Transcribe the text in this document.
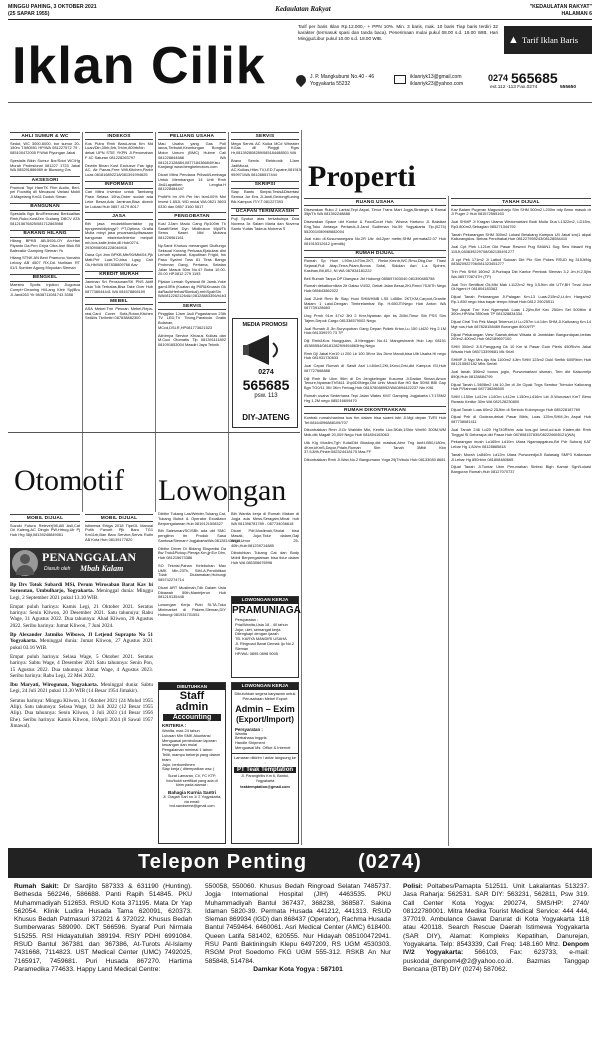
MINGGU PAHING, 3 OKTOBER 2021
(25 SAPAR 1955)
Kedaulatan Rakyat	"KEDAULATAN RAKYAT"
HALAMAN 6
Iklan Cilik
Tarif per baris Iklan Rp.12.000,- + PPN 10%. Min. 3 baris, mak. 10 baris Tiap baris terdiri 32 karakter (termasuk spasi dan tanda baca). Penerimaan mulai pukul 08.00 s.d. 19.00 WIB. Hari Minggu/Libur pukul 10.00 s.d. 18.00 WIB.	▲ Tarif Iklan Baris
J. P. Mangkubumi No.40 - 46
Yogyakarta 55232
iklanriyk13@gmail.com
iklanriyk23@yahoo.com
0274 565685
ext.112 -113 Fax.0274	555650
AHLI SUMUR & WC
Sedot, WC 3000-6000, bor sumur 20-150m T.580591 HP/WA 081227572 79 - 085100472005 P.Widi Piyungan Jakal
Spesialis Bikin Sumur Bor/Sdot WC/Hg Murah Profesional 081227 1723 Jakal WA 085291886989 dr Bluwong Grs
AKSESORI
Promosi Topi HamTK Film Audio, Beri-pel Foosttiq dll Mecasosi Variasi Mobil Jl.Magelang Km11 Duduk Siman
BANGUNAN
Spesialis Bgn Bru/Renovasi Berkualitas Rmh,Roko,KostZen Gudang DlllCV ATA 081215676825/081712863988
BARANG HILANG
Hilang BPKB AB-5926-OY An:Hari Riyanto Da:Prm Griya Citra Asri Blok B5 Balecatur Gamping Sleman Yk
Hilang STNK AN Beni Pramono,Yomaho Lelooy AB 4507 RX,DA Nurlisan RT 01/1 Sumber Agung Moyudan Sleman
BENGKEL
Maestro Spolis Injction Jlogosua Compt+Cleaning Hi/Lang Kleir Spj/Bru Jl.Jand263 Yk 5638711081743 3358
INDEKOS
Kos Putra Rmh BaruLama Km Md Luan/Din,35rb,5rb,7rb/m,800rb/bln dekat UPN STIE YKPN Jl.Perumahan F 4C Saturan 081228263797
Dewtin Binan Kost Exclusve Fas Igkp AC, Air Panas,Free Wifi,Kitchen,Parkir Luas 081816892218/081391994625
INFORMASI
Cari Mitra Investor untuk Tambang Pasir Selasa 10ha,Order sudah ada Leke Besar,Ada Jaminan,Bisa diceck ke Lokasi Hub 0857 4179 8017
JASA
Bth jasa endarkt/konrtaktor yg bpngreirsi/dipingyi? PT,Optima Grafia Mulia minyi jasa pncarsan&pilisasaan bangunan eksterior/interior melputi mh,kos,kalle,kntor,dll.Hub0274-2930908/081228046916
Dana Cpt Jmn BPKB,Mtr/90/Mbl/04,Pjk Mati,Pnf Luar,TO,bisa Lgsg Cair Ok,Hb/WA 087838809766 Aav
KREDIT MURAH
Jaminan Srt Pensiunan/SK PNS Aktif Usia Tdk Terbatas,Bisa Take Over Hub 087738044441 WA 081578808159
MEBEL
ASA Mebel:Trm Pesnan Mebel,Repa-rasi,Card Cover Sofa,Rotan,Kitchen Set&Ils Tkr/Imitri 087838882300
PELUANG USAHA
Mau Usaha yang Gas Poll lanus,Terbukti,Keuntungan Bongkol Motor Umum (BMC) Hubne Call 081228844688 WA 081212128884,087718436684/Kisu Kanjangi www.bengkelmotors.com
Dicari Mitra Pendana Pribadi/Lembaga Untuk Membangun 14 Unit Rmh Jln&Lapatiken Lengka.H 081228484447
Profit% Im 4% Per bln Ism100% Mnl Invest 1.65JL WD mulai WA 0821 3603 0330 dan 0857 3160 5617
PENGOBATAN
Kusl 2Jam Madu Cang Rp100rb Tk Sarafi/Setel Dyn Midibukon Mpil/Tk Semo Kaset Mbl Mutiara 081226961161
Ny.Santi Khusus menangani Diuflungo Seksual Kurang Perkasa,Ejakulasi dini Lemah syahwat, Kaputihan Frigid, Ins Pasu Syahni Tuss 81 Tiras Bango Prohman Gang, Pertama, Selatan Jalan Masuk 50m No.47 Buka 10.00-20.00 HP.0812 279 1193
Pijatan Lemah Syahwat Bt Jamb-Yoke gam10Rb (Kuatan dg P0R&Kroasin Gk daRacikHerbal/Skmkal),rmhSyahSin WA08122621264&I,08128883306/b1b3
SERVIS
Pinggilan 1Jam Jadi Pugastamon 23th TV LED,TV Tbung,Parabola Gratis Bulanan, MCcd,DSLR,HP081773621523
Akhirnya Service Khusus Kulkas dan M.Cuci Otomatis Tlp 081391111892 081091653004 Masdiri Jaya Teknik
SERVIS
Mega Servis AC Kulka MCd Wheater KGas dll Pinggil Rgrs Hr,081392808289/085184488501 WA
Bravo Servis Elektronik 1Jam JadiMcuci, AC,Kulkas,Hiter,TV,LED,Tupatre,081915 959971WA 081288517444
SKRIPSI
Siap Bantu Skripsi,Tesis&Disertasi Semua Jur Ens Jl.Janti,GedongKuning Blk Kampus IT/Y,T.081227393
UCAPAN TERIMAKASIH
Puji Syukur atas terkabulnya Doa Novena 3x Salam Maria dan Novena Santo Yudas Tadeus Mohena S
MEDIA PROMOSI
0274
565685
psw. 113
DIY-JATENG
Properti
RUANG USAHA
Disewakan Ruko 2 Lantai,Tepi Aspal, Timur Trans Mart Jogja,Strategis & Ramai 35jt/Th WA 081392248888
Disewakan Space ubt Kontor & FoodCourt Hub. Wisma Hartono Jl. Balaikar Eng,Toko Antasya Pertaruk,Jl.Jand Sudirman No.59 Yogyakarta Tlp.(0274) 552001/089969882004
Jual ruko dl.Kusumanegara No.2R Ukr 4x12per meter,SHM permata22.07 Hub 081915312612 (pendik)
RUMAH DIJUAL
Rumah Sp Huni L90m,Lb70m,2KT, Rmke,Kmrdr,WC,Rmu,Dbg,Dur Tirasi Sejanal,Full Atap,Terra,Pdam,Bonus Sofal, Sidolan Asri L.a Sjohen, Kasihan,Bti,8SJ, NI WA 087834181222
Beli Rumah Tanpa DP Diangsur Jkt Hubungi 085697403040 081390485758
Rumah dekatkornikan 2lt Gatau VII/32, Dekat Jalan Besar,2Kt,Rmrd 75Jt/Th Nego Hub:085643862022
Jual 2Unit Rmh Br Siap Huni SHM/HMB LS5 Ld58m 2KT,KM,Carport,Granite Malam 1 Lalui,Dengan Timbrelambar Bp. H.650JT/Nego Hub Anton WA 087739128683
Ling Prmh 91m 47x2 3Kt 2 Kmr,Nyaman dpn bs 2Mbl,Timur Stb PSS Slm Tajem,Depok Cargo 081338579002 Nego
Jual Rumah Jl Jln.Suryoputran Gang Depan Potlek Krton,Lu 150 Lt420 Hrg 2.1M Hub:081339970 73 7P
Dijl Rmh&Kos Nonggulan, Jl.Menggan No.41 Mangeshranb Hub Lap 08151 45389554/081812829/9494863Hrg Nego
Rmh Djl Jakal Km10 Lt 200 Lb 100 3Kmr 1ks 2kmr Mandi,bisa Ulb Usaha Hi nego Hub 081931730633
Jual Cepat Rumah di Sawit Asri Lt:84m2,2Kt,1Kmd,Grsi,dkt Kampus ISI,Hub 087727668888
Dijl Rmh Br Ukm 96m di Dn Jengkelingan Kusuma Ji.Dadan Siman,Amon Tenure,NyamanThS611 1hp0D0Nego,Dkt Univ Mradi Bar HD Bar 50H8 BBI Gap Bgn TG0/11 3Kt 3Km Ferbag,Hub 081578088952/WA0894422237 Ntn K96
Rumah usaha Sederhana Tepi Jalan Wates KM7 Gamping Jogjakarta LT:178M2 Hrg 1.2M nego 085216609470
RUMAH DIKONTRAKKAN
Kontrak rumah/nanima kos tim dalam bisa suami istri Jl.Mgl depan TVRI Hub Tel:08164096888109/707
Dikontrakkan Rmh Jl.Dr Wahidin Mkt, Kentin Lko:3Kdir,1Shkr Wm90 300M,WM Mdk,dkt Magalt 20,009 Nego Hub 081804163063
Utk Klg Muslim,Tgh Kota/Dkt Bioskop,dkt masisal,Almr Tng lant:LB50,l180m, 4Kmr,kKmS,Dapur,Pdaln,Rumah Slm Tanah 3Mbil Kbn 37.5Jt/th,Pinktr:082324418175 Mas FF
Dikontrakkan Rmh Jl.Wan,No.2 Bangumaon Yoga 29jTh/bulu Hub 08133083 8681
TANAH DIJUAL
Kav Batam Pugeran Maguwoharjo Slm SHM 500m2 L200m ndy Bmur masuk dr Jl Puger 2 Hub 081572565163
Jual SHMP Jl Kragan Utama Wedomartani Budi Mulia Dua L1322m2, LD15m, Rp3.800m2,Sebagian 085271344792
Tanah Pekarangan SHM 300m2 Lokasi Belakang Kampus UII Jakal km(1 akpal Kaliurangklos. Bebas Pendhakal,Hub 081227959243/08128084410
Jual Cpt Plek L121m Dkt Pasar Rewoni Pug SMAN1 Sug Sew Maazil Hrg 115Jt,083839229708/082135491277
Jl cpt Pek 171m2 Jl Latbol Sukoan Dkt Pkr Slm Pokes RSUD bg 315Jt/Ng 083820922706/081323451277
Tnh Pek SHM 160m2 Jl.Purbaya Dkt Kantor Pembak Sleman 3,2 Jm,H.2,5jlm Wa.0857708747H (TP)
Jual Tnh Sertifikat Ok,Mbl Mak L1122m2 Hrg 3,5Jt/m dkt UTY,BH Tmal Jntor Gt.Ngeni H 081804183363
Dijual Tanah Pekarangan Jl.Palagan Km.13 Luas:215m2,Lt.4m Harga/m2 Rp.1.850 nego bisa bayar tempo Minat Hub:0812 29025511
Tepi Aspal Tmr Kec Ngemplak Luas 1.2jl/m,Brt Kec 250/m Sel 500ft/m 8 300m,HP/Wa:7850mb TP 081328834334
Dijual Ctral Tnh Pek Masjd Tekenuri,Lt Lu:257m Ld:14m SHM,Jl.Kaliurang Km.14 Mgt nus,Hub 087828158489 Borongan 800Jt/TP
Dijual Pekarangan View Sawah,dekat Wisata di Jambidan Banguntapan,bebas 200m2-400m2,Hub 082189697100
SHM 300m2 Jl.S.Panggung Dk 10 Km st Pasar Gum Pleris 450Rb/m Jakal Wisata Hub 085713399681 Mk Srlzil
SHMP Jl Nyp Mrs Ajs Ma 1100m2 4Jlm SHM 123m2 Dukl Serlkk 600Rb/m Hub 081215592182 Mbk Serlzil
Jual tanah 356m2 bonus joglo, Purwomartani slsman, Tem dkt Kalsomrijo 890jt,Hub 08128884799
Dijual Tanah L.5608m2 Ltd.10,3m di Jln Cipak Tngs Sembur Trimulor Kaliurang Hub P.Rahmad 087738286500
SHM L150m Ld12m L14Om L412m L150m,L416m Lkt Jl.Wonosari Km7 Bimo Rwasto Kedtor 30m WA 082128230800
Dijual Tanah Luas 60m2 25Jt/m di Sentolo Kulonprogo Hub 085228187769
Dijual Pek di Godean,dekat Pasar Bibis, Luas 125m,SHM,Jln Aspal Hub 087738081411
Jual Tanah 246 Ld20 Hg740Rb/m ada kos-gol kecil,ud.sub Klaten,dkt Rmh Tinggal SI Deberapa dkt Pasar Hub 087808157830/082226655121(WA)
Pekarangan mush Lu165m Ld10m Utara Ngamapgaturu,Brt Pdr Sotoraj KAT Lebar Hg 1,8Jt/m 08128885818
Tanah Murah Ls840m Ld12m Utara Purworedjo/Jl Balasaig SMP3 Kaliansan Jl.Lebar Hg 850rb/m 081808480665
Dijual Tanah Jl.Tuntar Ukm Perumahan Sintesi Bigh Kamar Sgrt/Lokasi Banguran Rumah,Hub 08127070737
Otomotif Lowongan
MOBIL DIJUAL
Suzuki Futura Relever(98,AB Asli,Cat Ori Kaleng,AC Dingin PW,Hrbug,Ulr Pj Hub Hrg 38jt,08139248849061
MOBIL DIJUAL
Istimewa Ertiga 2018 TipeGL Manual Putih Favorit Pjk Baru TG1 Km11rb,Ban Baru Service,Servis Rutin AB Kota Hub 08139177820
Dibthn Tukang Las/Welder,Tukang Cat, Tukang Bubut & Operator Excallator Berpengalaman Hub 0819121508327
Bth Salesman/SC/SBh ada ubt SMC pengilmn Itn Produk Sasa Santosa/Sleman+Jogjakarta/Wa.081281435110
Dibthn Driver Di Bidang Ekspedisi Da Bw Truk&Pickup,Pleraja Km,jjnTor Dlm, Hub 081215673386
SO Teknisi,Pahan Kelebuhan Max UMK Min.23Th, SIM-A,Pendidikan Tdak Diutamakan,Hubungi 085742274714
Dicari ART Muslimah,Tdk Dalam Usia Dibawah 50th,Mantrijeron Hub 081215135448
Lowongan Kerja Putri SLTA,Toko Minimarket di Pakem,Sleman,DIY Hubungi 081931701551
DIBUTUHKAN
Staff
admin
Accounting
KRITERIA :
Wanita, max 24 tahun
Lulusan Min SMK Akuntansi
Menguasai pembukuan laporan keuangan dan mulai
Pengalaman minimal 1 tahun
Teliti, mampu bekerja yang dalam team
Jujur, berkomitmen
Siap kerja ( ditempatkan wsc )
Surat Lamaran, CV, FC KTP, foto/bukti sertifikat yang ada di kirim pada alamat :
Bahagia Kurnia Santri
Jl. Ctagah Sari no 1/ 2 Yogyakarta, via email: brd.sandseest@gmail.com
Bth Wanita kerja di Rumah Makan di Jogja ada Mess,Seragam,Minat hub WA 081398781789 - 087734036618
Dicari Pdf,Muslimah,Sholat bisa Masak, Jujur,Tidur dalam,Gaji nego,Umur 25-40th,Hub:081239714885
Dibutuhkan Tukang Cat dan Body Mobil Berpengalaman bisa tidur dalam Hub WA 085308676996
LOWONGAN KERJA
PRAMUNIAGA
Persyaratan :
Pria/Wanita,Usia 18 - 40 tahun
Jujur, ulet, semangat kerja
Dilengkapi dengan ijazah
TB. KARYA MANDIRI USAHA
Jl. Ringroad Barat Demak Ijo No.2 Sleman
HP/WA: 0895 0898 9005
LOWONGAN KERJA
Dibutuhkan segera karyawan untuk Perusahaan Mebel Export
Admin – Exim
(Export/Import)
Persyaratan :
Wanita
Berbahasa Inggris
Handle Shipment
Menguasai Ms. Office & Internet
Lamaran dikirim / antar langsung ke :
PT Teak Temptation
Jl. Parangtritis Km 6, Bantul, Yogyakarta
teaktemptation@gmail.com
PENANGGALAN
Diasuh oleh Mbah Kalam

Bp Drs Totok Subardi MSi, Perum Wirosaban Barat Kav bi Sorosutan, Umbulharjo, Yogyakarta. Meninggal dunia: Minggu Legi, 2 September 2021 pukul 13.10 WIB.

Empat puluh harinya: Kamis Legi, 21 Oktober 2021. Seratus harinya: Senin Kliwon, 20 Desember 2021. Satu tahunnya: Rabu Wage, 31 Agustus 2022. Dua tahunnya: Ahad Kliwon, 20 Agustus 2022. Seribu harinya: Jumat Kliwon, 7 Juni 2024.

Bp Alexander Jatmiko Wibowo, Jl Letjend Suprapto No 51 Yogyakarta. Meninggal dunia: Jumat Kliwon, 27 Agustus 2021 pukul 03.16 WIB.

Empat puluh harinya: Selasa Wage, 5 Oktober 2021. Seratus harinya: Sabtu Wage, 4 Desember 2021 Satu tahunnya: Senin Pon, 15 Agustus 2022. Dua tahunnya: Jumat Wage, 4 Agustus 2023. Seribu harinya: Rabu Legi, 22 Mei 2022.

Ibu Maryati, Wirogunan, Yogyakarta. Meninggal dunia: Sabtu Legi, 24 Juli 2021 pukul 13.30 WIB (14 Besar 1954 Jimakir).

Seratus harinya: Minggu Kliwon, 31 Oktober 2021 (24 Mulud 1955 Alip). Satu tahunnya: Selasa Wage, 12 Juli 2022 (12 Besar 1955 Alip). Dua tahunnya: Senin Kliwon, 3 Juli 2023 (14 Besar 1956 Ehe). Seribu harinya: Kamis Kliwon, 18April 2024 (8 Sawal 1957 Jimawal).

Telepon Penting	(0274)

Rumah Sakit: Dr Sardjito 587333 & 631190 (Hunting). Bethesda 562246, 586688. Panti Rapih 514845. PKU Muhammadiyah 512653. RSUD Kota 371195. Mata Dr Yap 562054. Klinik Ludira Husada Tama 620091, 620373. Khusus Bedah Patmasuri 372021 & 372022. Khusus Bedah Sumberwaras 589090. DKT 566596. Syaraf Puri Nirmala 515255. RSI Hidayatullah 389194. RSIY PDHI 6991084. RSUD Bantul 367381 dan 367386, At-Turots Al-Islamy 7431668, 7114823. UST Medical Center (UMC) 7492025, 7165917, 7459681. Puri Husada 867270. Hartima Paramedika 774633. Happy Land Medical Centre:

550058, 550060. Khusus Bedah Ringroad Selatan 7485737. Jogja International Hospital (JIH) 4463535. PKU Muhammadiyah Bantul 367437, 368238, 368587. Sakina Idaman 5820-39. Permata Husada 441212, 441313. RSUD Sleman 869934 (IGD) dan 868437 (Operator), Rachma Husada Bantul 7459464. 6460061. Asri Medical Center (AMC) 618400. Queen Latifa 581402, 620555. Nur Hidayah 085100472941. RSU Panti Baktiningsih Klepu 6497209, RS UGM 4530303. RSGM Prof Soedomo FKG UGM 555-312. RSKB An Nur 585848, 514784.

Damkar Kota Yogya : 587101

Polisi: Poltabes/Pamapta 512511. Unit Lakalantas 513237. Jasa Raharja: 562531. SAR DIY: 563231, 562811, Psw 319. Call Center Kota Yogya: 290274, SMS/HP: 2740/ 08122780001. Mitra Medika Tourist Medical Service: 444 444, 377019. Ambulance Gawat Darurat di Kota Yogyakarta 118 atau 420118. Search Rescue Daerah Istimewa Yogyakarta (SAR DIY), Alamat: Kompleks Kepatihan, Danurejan, Yogyakarta. Telp: 8543339, Call Freq: 148.160 Mhz. Denpom IV/2 Yogyakarta: 566103, Fax: 623733, e-mail: puskodal_denpom4@2@yahoo.co.id. Bazmas Tanggap Bencana (BTB) DIY (0274) 587062.
